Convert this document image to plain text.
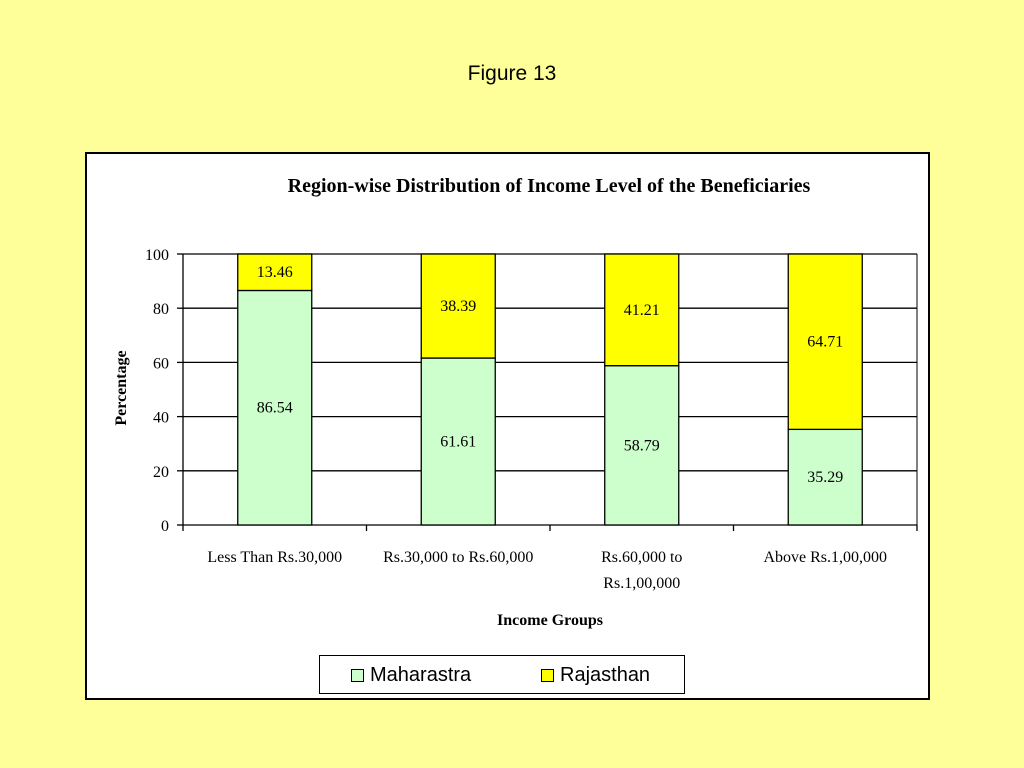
Figure 13
Region-wise Distribution of Income Level of the Beneficiaries
0
20
40
60
80
100
Percentage	86.54
13.46
Less Than Rs.30,000
61.61
38.39
Rs.30,000 to Rs.60,000
58.79
41.21
Rs.60,000 to
Rs.1,00,000
35.29
64.71
Above Rs.1,00,000
Income Groups
Maharastra	Rajasthan
